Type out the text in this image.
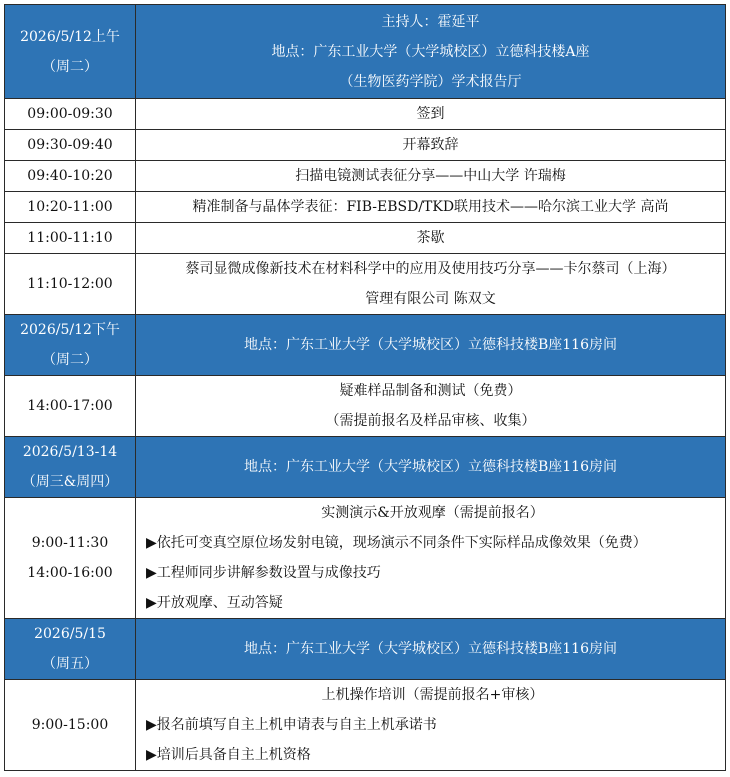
2026/5/12上午
（周二）	主持人：霍延平
地点：广东工业大学（大学城校区）立德科技楼A座
（生物医药学院）学术报告厅

09:00-09:30	签到
09:30-09:40	开幕致辞
09:40-10:20	扫描电镜测试表征分享——中山大学 许瑞梅
10:20-11:00	精准制备与晶体学表征：FIB-EBSD/TKD联用技术——哈尔滨工业大学 高尚
11:00-11:10	茶歇
11:10-12:00	蔡司显微成像新技术在材料科学中的应用及使用技巧分享——卡尔蔡司（上海）
管理有限公司 陈双文

2026/5/12下午
（周二）	地点：广东工业大学（大学城校区）立德科技楼B座116房间
14:00-17:00	疑难样品制备和测试（免费）
（需提前报名及样品审核、收集）

2026/5/13-14
（周三&周四）	地点：广东工业大学（大学城校区）立德科技楼B座116房间

9:00-11:30
14:00-16:00	实测演示&开放观摩（需提前报名）
▶依托可变真空原位场发射电镜，现场演示不同条件下实际样品成像效果（免费）
▶工程师同步讲解参数设置与成像技巧
▶开放观摩、互动答疑

2026/5/15
（周五）	地点：广东工业大学（大学城校区）立德科技楼B座116房间
9:00-15:00	上机操作培训（需提前报名+审核）
▶报名前填写自主上机申请表与自主上机承诺书
▶培训后具备自主上机资格
